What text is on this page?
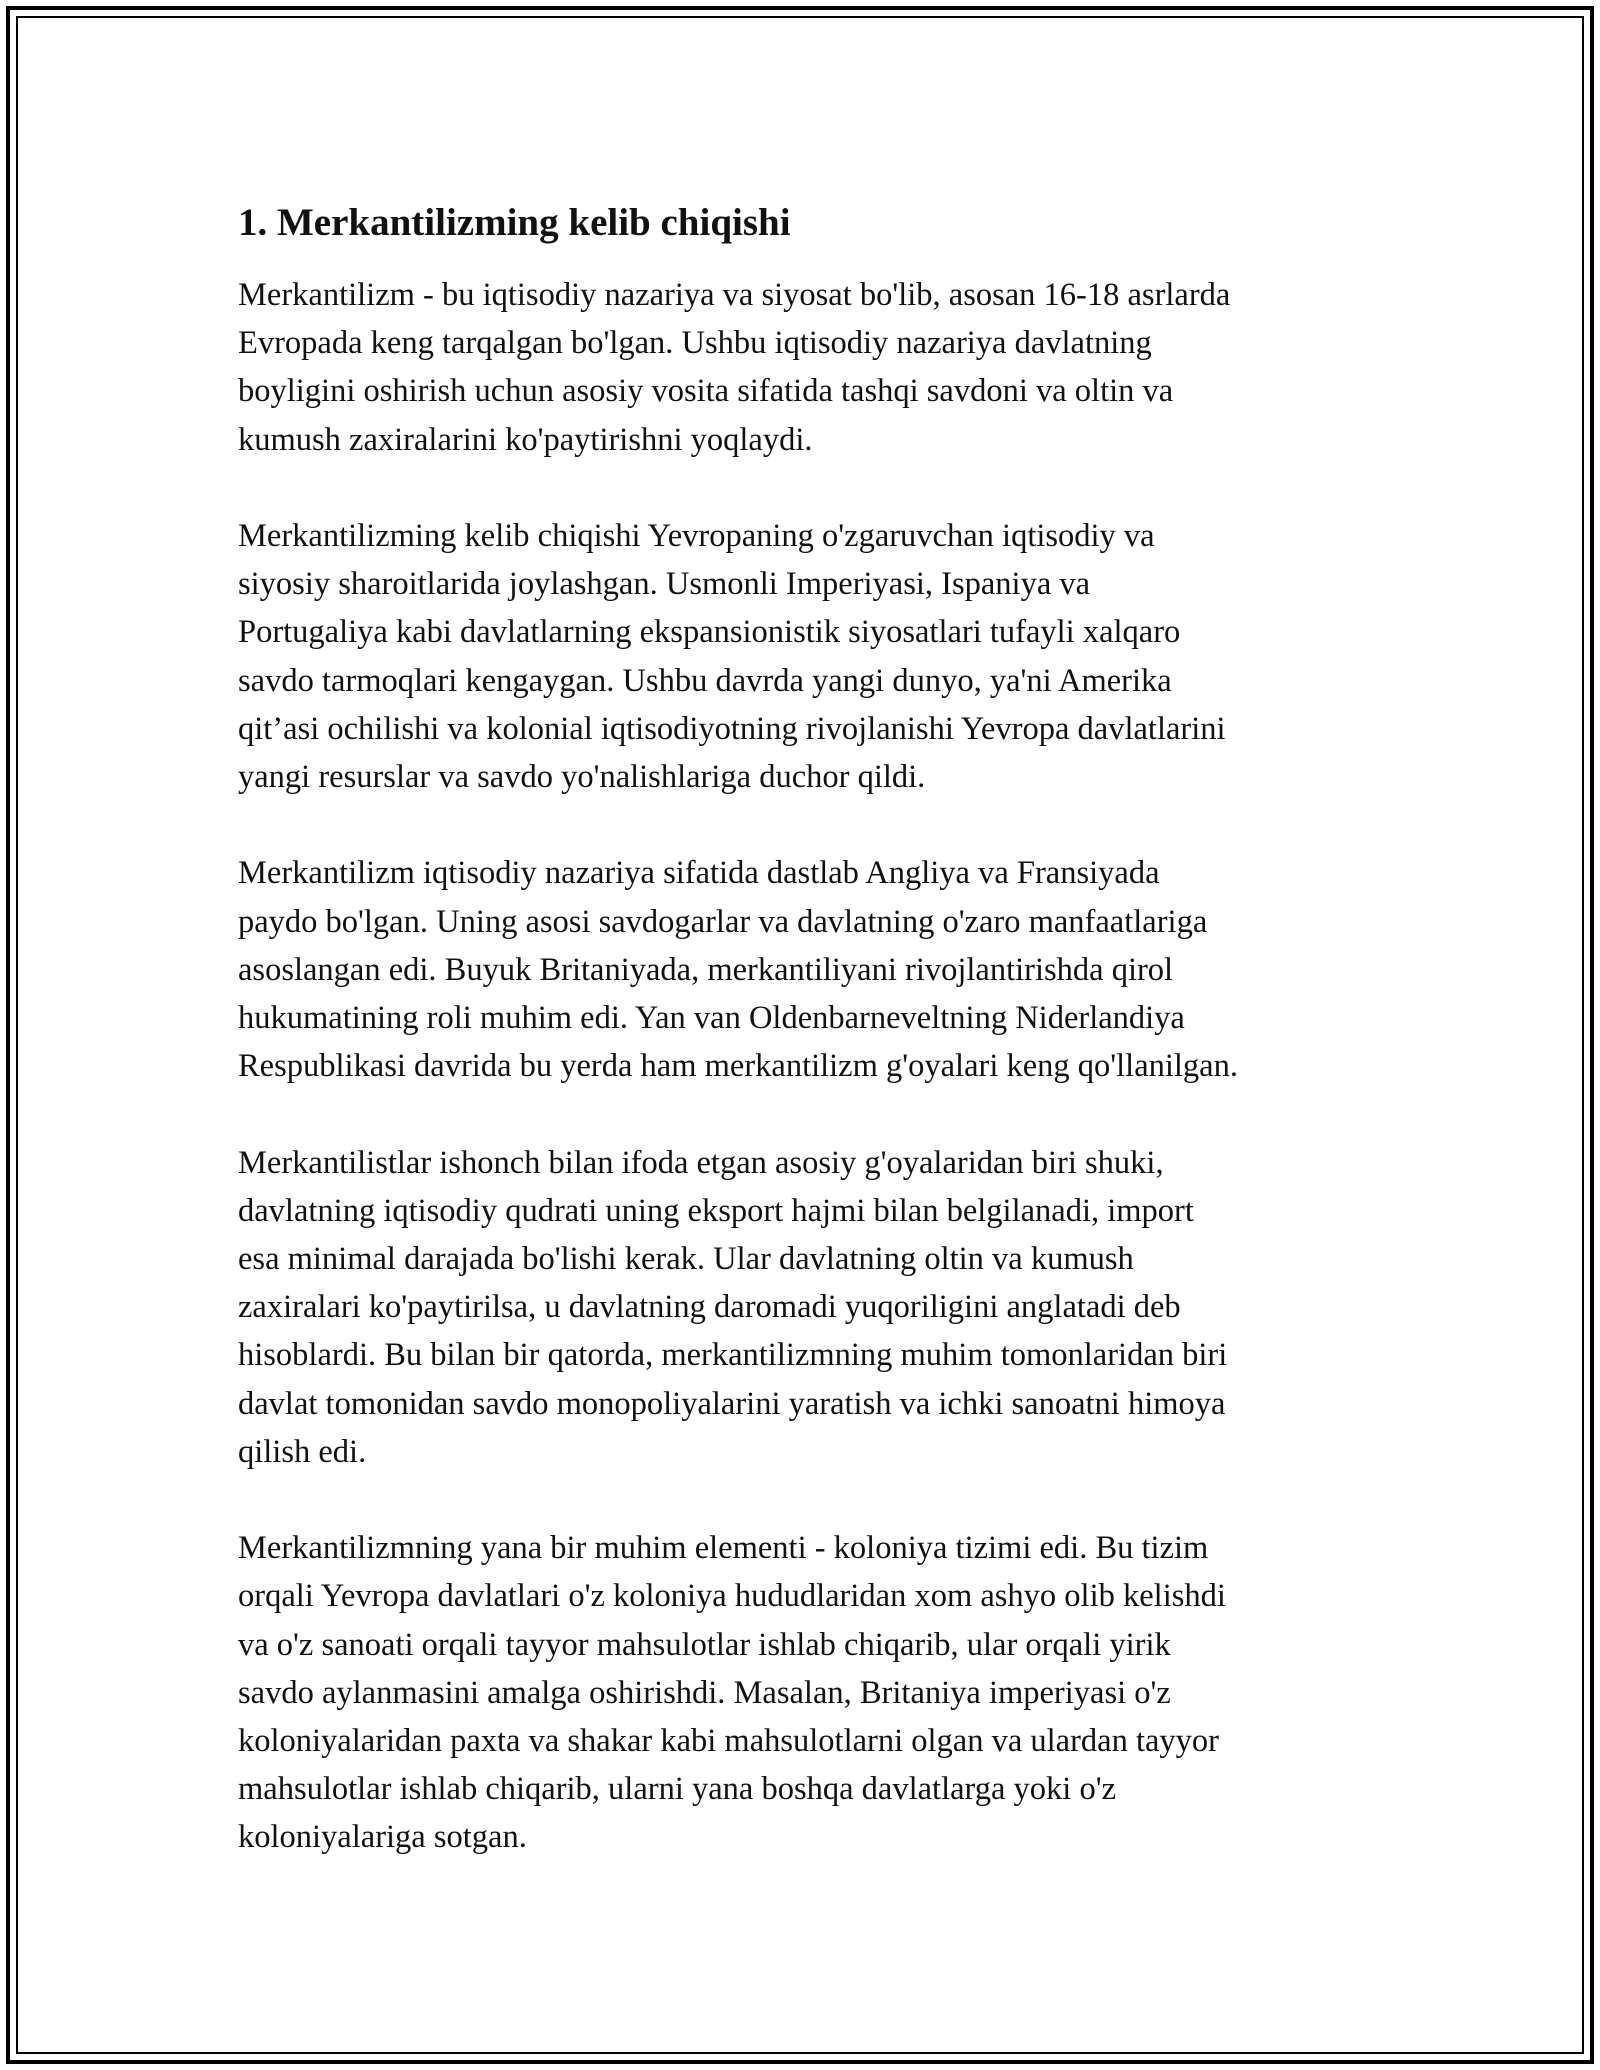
1. Merkantilizming kelib chiqishi

Merkantilizm - bu iqtisodiy nazariya va siyosat bo'lib, asosan 16-18 asrlarda
Evropada keng tarqalgan bo'lgan. Ushbu iqtisodiy nazariya davlatning
boyligini oshirish uchun asosiy vosita sifatida tashqi savdoni va oltin va
kumush zaxiralarini ko'paytirishni yoqlaydi.

Merkantilizming kelib chiqishi Yevropaning o'zgaruvchan iqtisodiy va
siyosiy sharoitlarida joylashgan. Usmonli Imperiyasi, Ispaniya va
Portugaliya kabi davlatlarning ekspansionistik siyosatlari tufayli xalqaro
savdo tarmoqlari kengaygan. Ushbu davrda yangi dunyo, ya'ni Amerika
qit’asi ochilishi va kolonial iqtisodiyotning rivojlanishi Yevropa davlatlarini
yangi resurslar va savdo yo'nalishlariga duchor qildi.

Merkantilizm iqtisodiy nazariya sifatida dastlab Angliya va Fransiyada
paydo bo'lgan. Uning asosi savdogarlar va davlatning o'zaro manfaatlariga
asoslangan edi. Buyuk Britaniyada, merkantiliyani rivojlantirishda qirol
hukumatining roli muhim edi. Yan van Oldenbarneveltning Niderlandiya
Respublikasi davrida bu yerda ham merkantilizm g'oyalari keng qo'llanilgan.

Merkantilistlar ishonch bilan ifoda etgan asosiy g'oyalaridan biri shuki,
davlatning iqtisodiy qudrati uning eksport hajmi bilan belgilanadi, import
esa minimal darajada bo'lishi kerak. Ular davlatning oltin va kumush
zaxiralari ko'paytirilsa, u davlatning daromadi yuqoriligini anglatadi deb
hisoblardi. Bu bilan bir qatorda, merkantilizmning muhim tomonlaridan biri
davlat tomonidan savdo monopoliyalarini yaratish va ichki sanoatni himoya
qilish edi.

Merkantilizmning yana bir muhim elementi - koloniya tizimi edi. Bu tizim
orqali Yevropa davlatlari o'z koloniya hududlaridan xom ashyo olib kelishdi
va o'z sanoati orqali tayyor mahsulotlar ishlab chiqarib, ular orqali yirik
savdo aylanmasini amalga oshirishdi. Masalan, Britaniya imperiyasi o'z
koloniyalaridan paxta va shakar kabi mahsulotlarni olgan va ulardan tayyor
mahsulotlar ishlab chiqarib, ularni yana boshqa davlatlarga yoki o'z
koloniyalariga sotgan.
